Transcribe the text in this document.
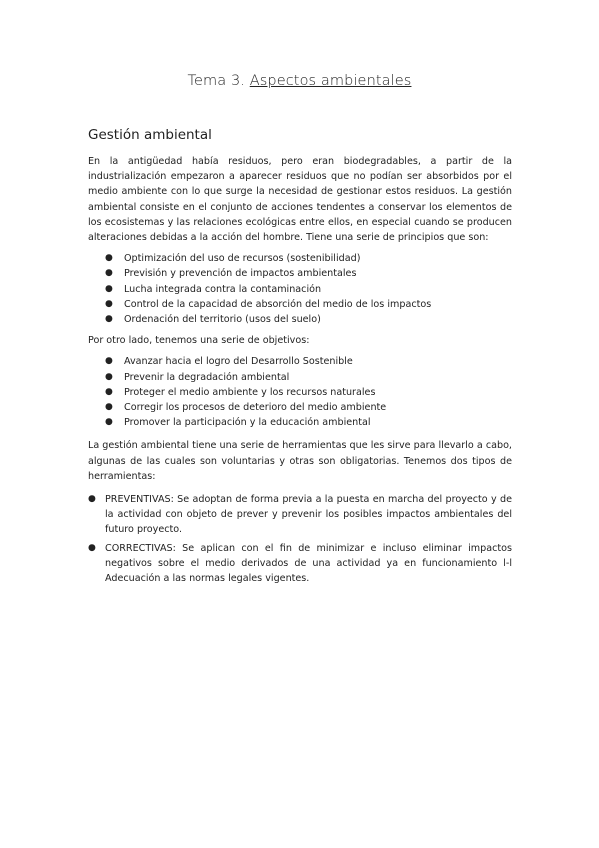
Tema 3. Aspectos ambientales
Gestión ambiental

En la antigüedad había residuos, pero eran biodegradables, a partir de la industrialización empezaron a aparecer residuos que no podían ser absorbidos por el medio ambiente con lo que surge la necesidad de gestionar estos residuos. La gestión ambiental consiste en el conjunto de acciones tendentes a conservar los elementos de los ecosistemas y las relaciones ecológicas entre ellos, en especial cuando se producen alteraciones debidas a la acción del hombre. Tiene una serie de principios que son:

● Optimización del uso de recursos (sostenibilidad)
● Previsión y prevención de impactos ambientales
● Lucha integrada contra la contaminación
● Control de la capacidad de absorción del medio de los impactos
● Ordenación del territorio (usos del suelo)

Por otro lado, tenemos una serie de objetivos:

● Avanzar hacia el logro del Desarrollo Sostenible
● Prevenir la degradación ambiental
● Proteger el medio ambiente y los recursos naturales
● Corregir los procesos de deterioro del medio ambiente
● Promover la participación y la educación ambiental

La gestión ambiental tiene una serie de herramientas que les sirve para llevarlo a cabo, algunas de las cuales son voluntarias y otras son obligatorias. Tenemos dos tipos de herramientas:

● PREVENTIVAS: Se adoptan de forma previa a la puesta en marcha del proyecto y de la actividad con objeto de prever y prevenir los posibles impactos ambientales del futuro proyecto.
● CORRECTIVAS: Se aplican con el fin de minimizar e incluso eliminar impactos negativos sobre el medio derivados de una actividad ya en funcionamiento l-l Adecuación a las normas legales vigentes.
